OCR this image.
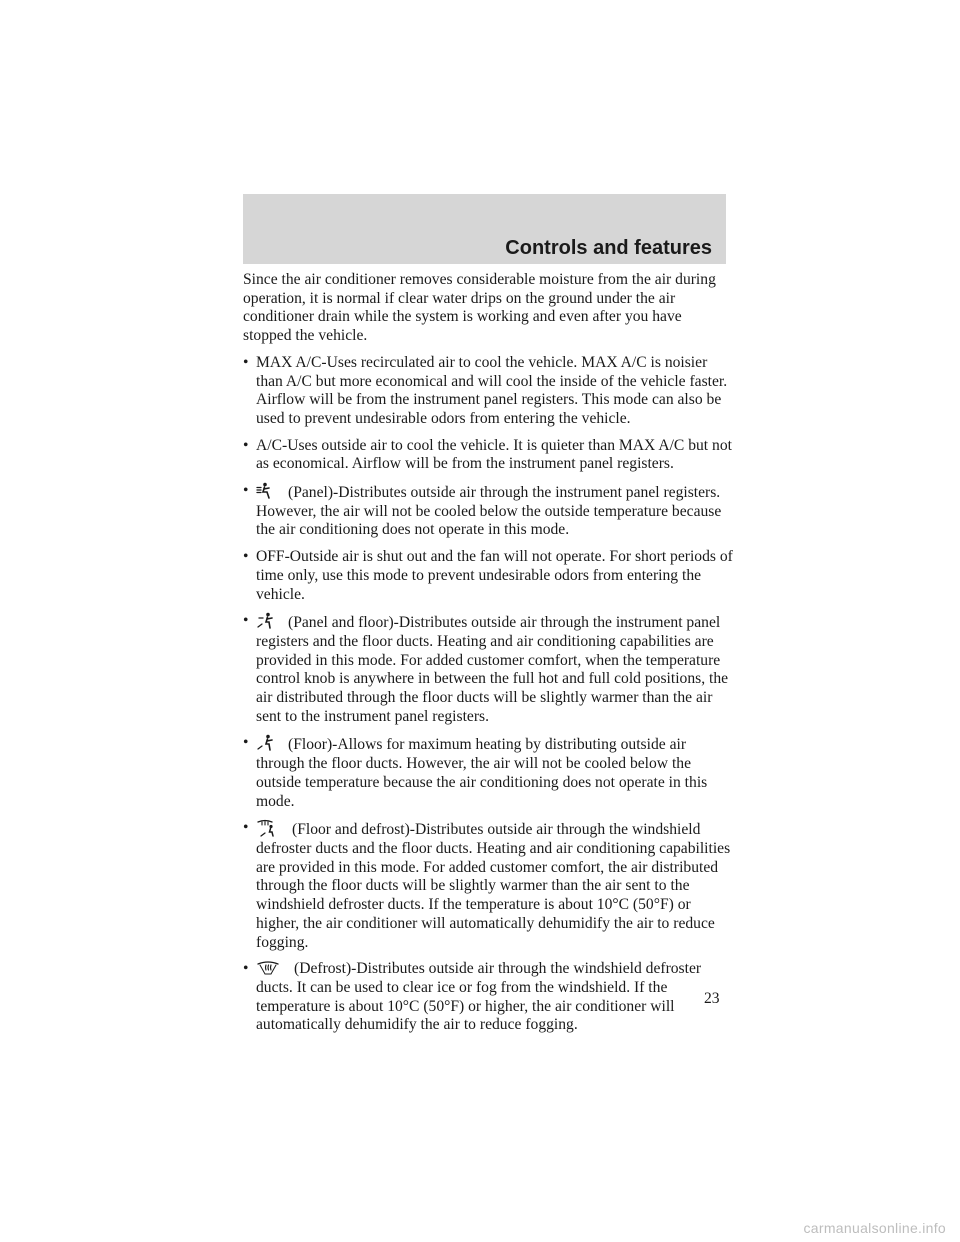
Controls and features

Since the air conditioner removes considerable moisture from the air during operation, it is normal if clear water drips on the ground under the air conditioner drain while the system is working and even after you have stopped the vehicle.

• MAX A/C-Uses recirculated air to cool the vehicle. MAX A/C is noisier than A/C but more economical and will cool the inside of the vehicle faster. Airflow will be from the instrument panel registers. This mode can also be used to prevent undesirable odors from entering the vehicle.
• A/C-Uses outside air to cool the vehicle. It is quieter than MAX A/C but not as economical. Airflow will be from the instrument panel registers.
•	(Panel)-Distributes outside air through the instrument panel registers. However, the air will not be cooled below the outside temperature because the air conditioning does not operate in this mode.
• OFF-Outside air is shut out and the fan will not operate. For short periods of time only, use this mode to prevent undesirable odors from entering the vehicle.
•	(Panel and floor)-Distributes outside air through the instrument panel registers and the floor ducts. Heating and air conditioning capabilities are provided in this mode. For added customer comfort, when the temperature control knob is anywhere in between the full hot and full cold positions, the air distributed through the floor ducts will be slightly warmer than the air sent to the instrument panel registers.
•	(Floor)-Allows for maximum heating by distributing outside air through the floor ducts. However, the air will not be cooled below the outside temperature because the air conditioning does not operate in this mode.
•	(Floor and defrost)-Distributes outside air through the windshield defroster ducts and the floor ducts. Heating and air conditioning capabilities are provided in this mode. For added customer comfort, the air distributed through the floor ducts will be slightly warmer than the air sent to the windshield defroster ducts. If the temperature is about 10°C (50°F) or higher, the air conditioner will automatically dehumidify the air to reduce fogging.
•	(Defrost)-Distributes outside air through the windshield defroster ducts. It can be used to clear ice or fog from the windshield. If the temperature is about 10°C (50°F) or higher, the air conditioner will automatically dehumidify the air to reduce fogging.
23
carmanualsonline.info
